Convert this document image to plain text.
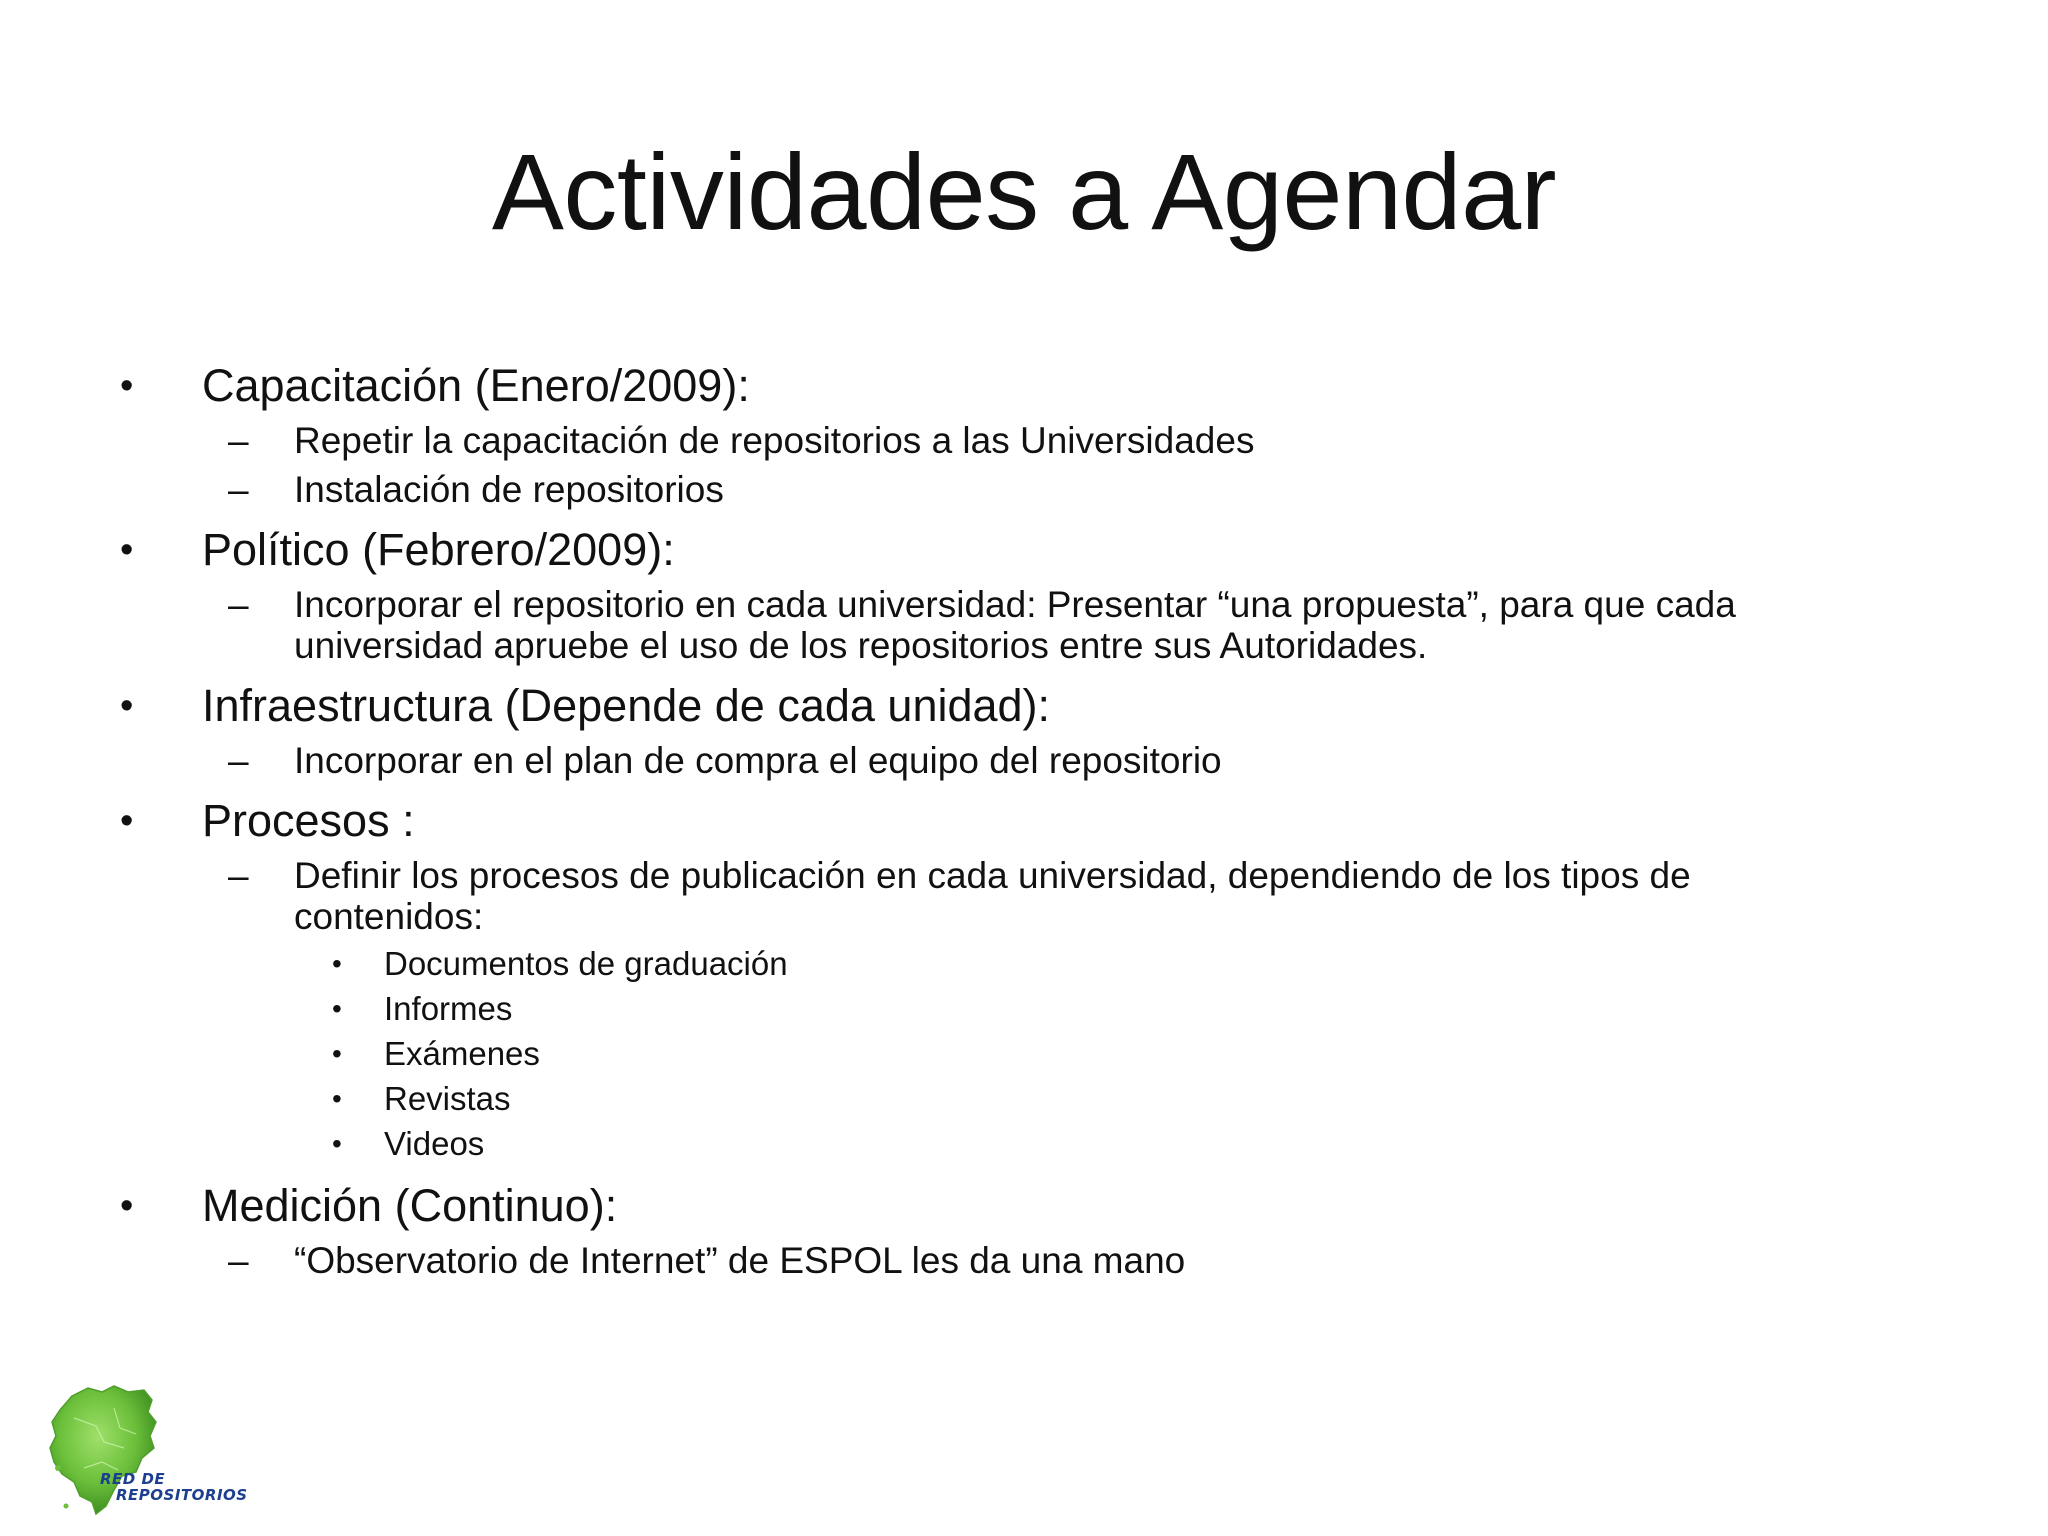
Actividades a Agendar
•	Capacitación (Enero/2009):
–	Repetir la capacitación de repositorios a las Universidades
–	Instalación de repositorios
•	Político (Febrero/2009):
–	Incorporar el repositorio en cada universidad: Presentar “una propuesta”, para que cada universidad apruebe el uso de los repositorios entre sus Autoridades.
•	Infraestructura (Depende de cada unidad):
–	Incorporar en el plan de compra el equipo del repositorio
•	Procesos :
–	Definir los procesos de publicación en cada universidad, dependiendo de los tipos de contenidos:
•	Documentos de graduación
•	Informes
•	Exámenes
•	Revistas
•	Videos
•	Medición (Continuo):
–	“Observatorio de Internet” de ESPOL les da una mano
RED DE
REPOSITORIOS
